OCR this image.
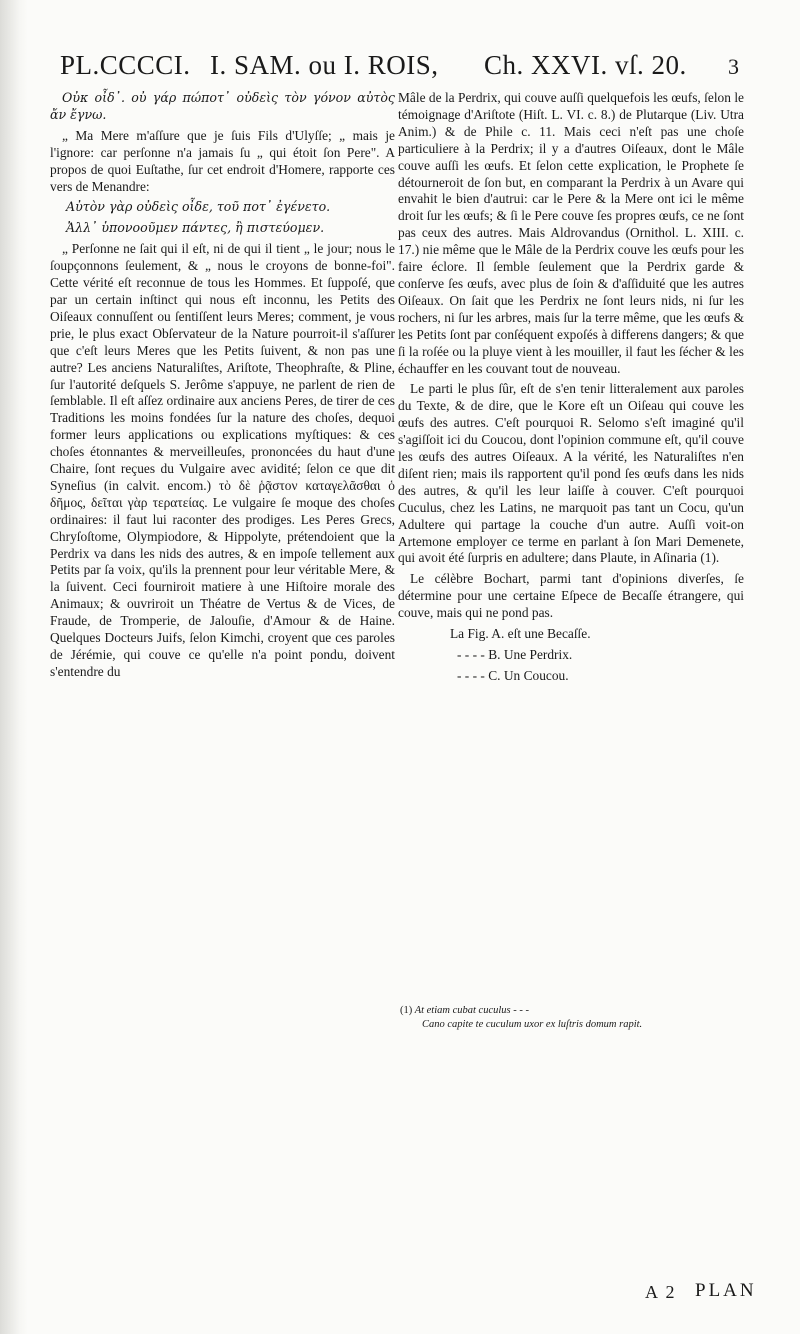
PL.CCCCI. I. SAM. ou I. ROIS, Ch. XXVI. vſ. 20. 3

Οὐκ οἶδ᾽. οὐ γάρ πώποτ᾽ οὐδεὶς τὸν γόνον αὐτὸς ἄν ἔγνω.

„ Ma Mere m'aſſure que je ſuis Fils d'Ulyſſe; „ mais je l'ignore: car perſonne n'a jamais ſu „ qui étoit ſon Pere". A propos de quoi Euſtathe, ſur cet endroit d'Homere, rapporte ces vers de Menandre:

Αὐτὸν γὰρ οὐδεὶς οἶδε, τοῦ ποτ᾽ ἐγένετο.

Ἀλλ᾽ ὑπονοοῦμεν πάντες, ἢ πιστεύομεν.

„ Perſonne ne ſait qui il eſt, ni de qui il tient „ le jour; nous le ſoupçonnons ſeulement, & „ nous le croyons de bonne-foi". Cette vérité eſt reconnue de tous les Hommes. Et ſuppoſé, que par un certain inſtinct qui nous eſt inconnu, les Petits des Oiſeaux connuſſent ou ſentiſſent leurs Meres; comment, je vous prie, le plus exact Obſervateur de la Nature pourroit-il s'aſſurer que c'eſt leurs Meres que les Petits ſuivent, & non pas une autre? Les anciens Naturaliſtes, Ariſtote, Theophraſte, & Pline, ſur l'autorité deſquels S. Jerôme s'appuye, ne parlent de rien de ſemblable. Il eſt aſſez ordinaire aux anciens Peres, de tirer de ces Traditions les moins fondées ſur la nature des choſes, dequoi former leurs applications ou explications myſtiques: & ces choſes étonnantes & merveilleuſes, prononcées du haut d'une Chaire, ſont reçues du Vulgaire avec avidité; ſelon ce que dit Syneſius (in calvit. encom.) τὸ δὲ ῥᾷστον καταγελᾶσθαι ὁ δῆμος, δεῖται γὰρ τερατείας. Le vulgaire ſe moque des choſes ordinaires: il faut lui raconter des prodiges. Les Peres Grecs, Chryſoſtome, Olympiodore, & Hippolyte, prétendoient que la Perdrix va dans les nids des autres, & en impoſe tellement aux Petits par ſa voix, qu'ils la prennent pour leur véritable Mere, & la ſuivent. Ceci fourniroit matiere à une Hiſtoire morale des Animaux; & ouvriroit un Théatre de Vertus & de Vices, de Fraude, de Tromperie, de Jalouſie, d'Amour & de Haine. Quelques Docteurs Juifs, ſelon Kimchi, croyent que ces paroles de Jérémie, qui couve ce qu'elle n'a point pondu, doivent s'entendre du

Mâle de la Perdrix, qui couve auſſi quelquefois les œufs, ſelon le témoignage d'Ariſtote (Hiſt. L. VI. c. 8.) de Plutarque (Liv. Utra Anim.) & de Phile c. 11. Mais ceci n'eſt pas une choſe particuliere à la Perdrix; il y a d'autres Oiſeaux, dont le Mâle couve auſſi les œufs. Et ſelon cette explication, le Prophete ſe détourneroit de ſon but, en comparant la Perdrix à un Avare qui envahit le bien d'autrui: car le Pere & la Mere ont ici le même droit ſur les œufs; & ſi le Pere couve ſes propres œufs, ce ne ſont pas ceux des autres. Mais Aldrovandus (Ornithol. L. XIII. c. 17.) nie même que le Mâle de la Perdrix couve les œufs pour les faire éclore. Il ſemble ſeulement que la Perdrix garde & conſerve ſes œufs, avec plus de ſoin & d'aſſiduité que les autres Oiſeaux. On ſait que les Perdrix ne ſont leurs nids, ni ſur les rochers, ni ſur les arbres, mais ſur la terre même, que les œufs & les Petits ſont par conſéquent expoſés à differens dangers; & que ſi la roſée ou la pluye vient à les mouiller, il faut les ſécher & les échauffer en les couvant tout de nouveau.

Le parti le plus ſûr, eſt de s'en tenir litteralement aux paroles du Texte, & de dire, que le Kore eſt un Oiſeau qui couve les œufs des autres. C'eſt pourquoi R. Selomo s'eſt imaginé qu'il s'agiſſoit ici du Coucou, dont l'opinion commune eſt, qu'il couve les œufs des autres Oiſeaux. A la vérité, les Naturaliſtes n'en diſent rien; mais ils rapportent qu'il pond ſes œufs dans les nids des autres, & qu'il les leur laiſſe à couver. C'eſt pourquoi Cuculus, chez les Latins, ne marquoit pas tant un Cocu, qu'un Adultere qui partage la couche d'un autre. Auſſi voit-on Artemone employer ce terme en parlant à ſon Mari Demenete, qui avoit été ſurpris en adultere; dans Plaute, in Aſinaria (1).

Le célèbre Bochart, parmi tant d'opinions diverſes, ſe détermine pour une certaine Eſpece de Becaſſe étrangere, qui couve, mais qui ne pond pas.

La Fig. A. eſt une Becaſſe.

- - - - B. Une Perdrix.

- - - - C. Un Coucou.

(1) At etiam cubat cuculus - - -
Cano capite te cuculum uxor ex luſtris domum rapit.
A 2 PLAN
